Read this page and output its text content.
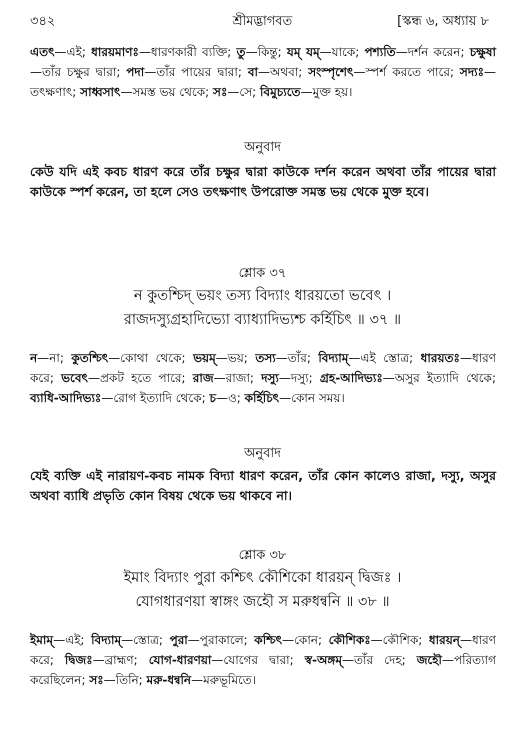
৩৪২	শ্রীমদ্ভাগবত	[স্কন্ধ ৬, অধ্যায় ৮

এতৎ—এই; ধারয়মাণঃ—ধারণকারী ব্যক্তি; তু—কিন্তু; যম্ যম্—যাকে; পশ্যতি—দর্শন করেন; চক্ষুষা—তাঁর চক্ষুর দ্বারা; পদা—তাঁর পায়ের দ্বারা; বা—অথবা; সংস্পৃশেৎ—স্পর্শ করতে পারে; সদ্যঃ—তৎক্ষণাৎ; সাধ্বসাৎ—সমস্ত ভয় থেকে; সঃ—সে; বিমুচ্যতে—মুক্ত হয়।

অনুবাদ

কেউ যদি এই কবচ ধারণ করে তাঁর চক্ষুর দ্বারা কাউকে দর্শন করেন অথবা তাঁর পায়ের দ্বারা কাউকে স্পর্শ করেন, তা হলে সেও তৎক্ষণাৎ উপরোক্ত সমস্ত ভয় থেকে মুক্ত হবে।

শ্লোক ৩৭

ন কুতশ্চিদ্ ভয়ং তস্য বিদ্যাং ধারয়তো ভবেৎ ।

রাজদস্যুগ্রহাদিভ্যো ব্যাধ্যাদিভ্যশ্চ কর্হিচিৎ ॥ ৩৭ ॥

ন—না; কুতশ্চিৎ—কোথা থেকে; ভয়ম্—ভয়; তস্য—তাঁর; বিদ্যাম্—এই স্তোত্র; ধারয়তঃ—ধারণ করে; ভবেৎ—প্রকট হতে পারে; রাজ—রাজা; দস্যু—দস্যু; গ্রহ-আদিভ্যঃ—অসুর ইত্যাদি থেকে; ব্যাধি-আদিভ্যঃ—রোগ ইত্যাদি থেকে; চ—ও; কর্হিচিৎ—কোন সময়।

অনুবাদ

যেই ব্যক্তি এই নারায়ণ-কবচ নামক বিদ্যা ধারণ করেন, তাঁর কোন কালেও রাজা, দস্যু, অসুর অথবা ব্যাধি প্রভৃতি কোন বিষয় থেকে ভয় থাকবে না।

শ্লোক ৩৮

ইমাং বিদ্যাং পুরা কশ্চিৎ কৌশিকো ধারয়ন্ দ্বিজঃ ।

যোগধারণয়া স্বাঙ্গং জহৌ স মরুধন্বনি ॥ ৩৮ ॥

ইমাম্—এই; বিদ্যাম্—স্তোত্র; পুরা—পুরাকালে; কশ্চিৎ—কোন; কৌশিকঃ—কৌশিক; ধারয়ন্—ধারণ করে; দ্বিজঃ—ব্রাহ্মণ; যোগ-ধারণয়া—যোগের দ্বারা; স্ব-অঙ্গম্—তাঁর দেহ; জহৌ—পরিত্যাগ করেছিলেন; সঃ—তিনি; মরু-ধন্বনি—মরুভূমিতে।
